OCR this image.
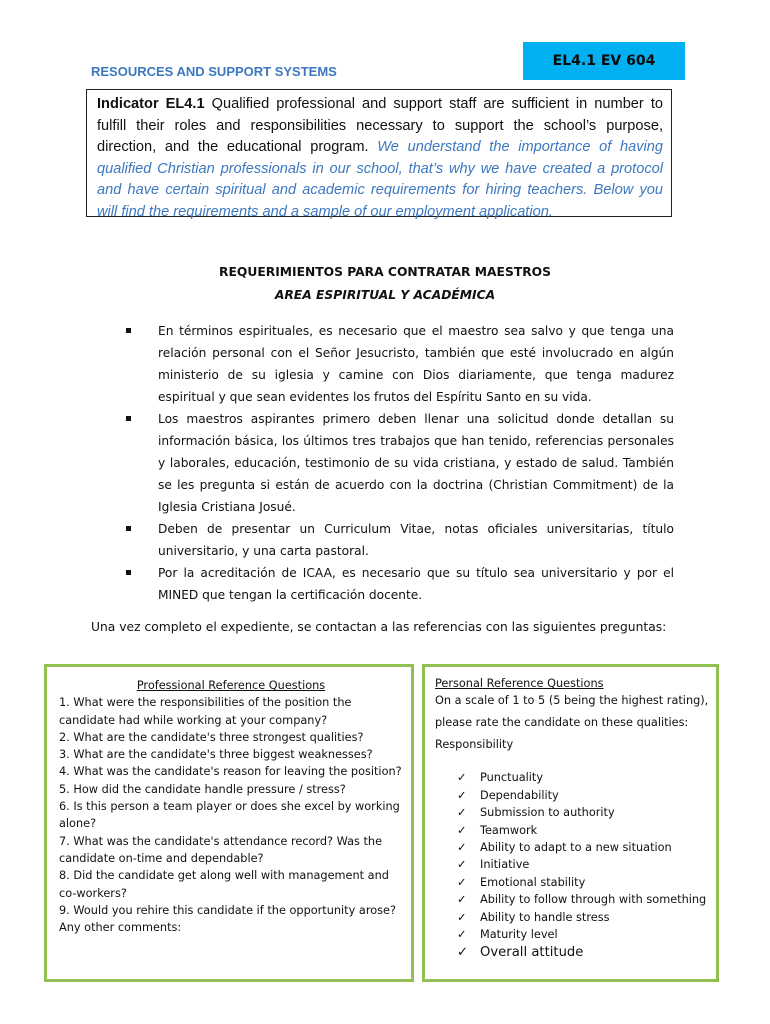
EL4.1 EV 604
RESOURCES AND SUPPORT SYSTEMS
Indicator EL4.1 Qualified professional and support staff are sufficient in number to fulfill their roles and responsibilities necessary to support the school’s purpose, direction, and the educational program. We understand the importance of having qualified Christian professionals in our school, that’s why we have created a protocol and have certain spiritual and academic requirements for hiring teachers. Below you will find the requirements and a sample of our employment application.
REQUERIMIENTOS PARA CONTRATAR MAESTROS
AREA ESPIRITUAL Y ACADÉMICA
En términos espirituales, es necesario que el maestro sea salvo y que tenga una relación personal con el Señor Jesucristo, también que esté involucrado en algún ministerio de su iglesia y camine con Dios diariamente, que tenga madurez espiritual y que sean evidentes los frutos del Espíritu Santo en su vida.
Los maestros aspirantes primero deben llenar una solicitud donde detallan su información básica, los últimos tres trabajos que han tenido, referencias personales y laborales, educación, testimonio de su vida cristiana, y estado de salud. También se les pregunta si están de acuerdo con la doctrina (Christian Commitment) de la Iglesia Cristiana Josué.
Deben de presentar un Curriculum Vitae, notas oficiales universitarias, título universitario, y una carta pastoral.
Por la acreditación de ICAA, es necesario que su título sea universitario y por el MINED que tengan la certificación docente.
Una vez completo el expediente, se contactan a las referencias con las siguientes preguntas:
Professional Reference Questions

1. What were the responsibilities of the position the candidate had while working at your company?

2. What are the candidate's three strongest qualities?

3. What are the candidate's three biggest weaknesses?

4. What was the candidate's reason for leaving the position?

5. How did the candidate handle pressure / stress?

6. Is this person a team player or does she excel by working alone?

7. What was the candidate's attendance record? Was the candidate on-time and dependable?

8. Did the candidate get along well with management and co-workers?

9. Would you rehire this candidate if the opportunity arose?

Any other comments:

Personal Reference Questions
On a scale of 1 to 5 (5 being the highest rating), please rate the candidate on these qualities:
Responsibility
✓ Punctuality
✓ Dependability
✓ Submission to authority
✓ Teamwork
✓ Ability to adapt to a new situation
✓ Initiative
✓ Emotional stability
✓ Ability to follow through with something
✓ Ability to handle stress
✓ Maturity level
✓ Overall attitude
